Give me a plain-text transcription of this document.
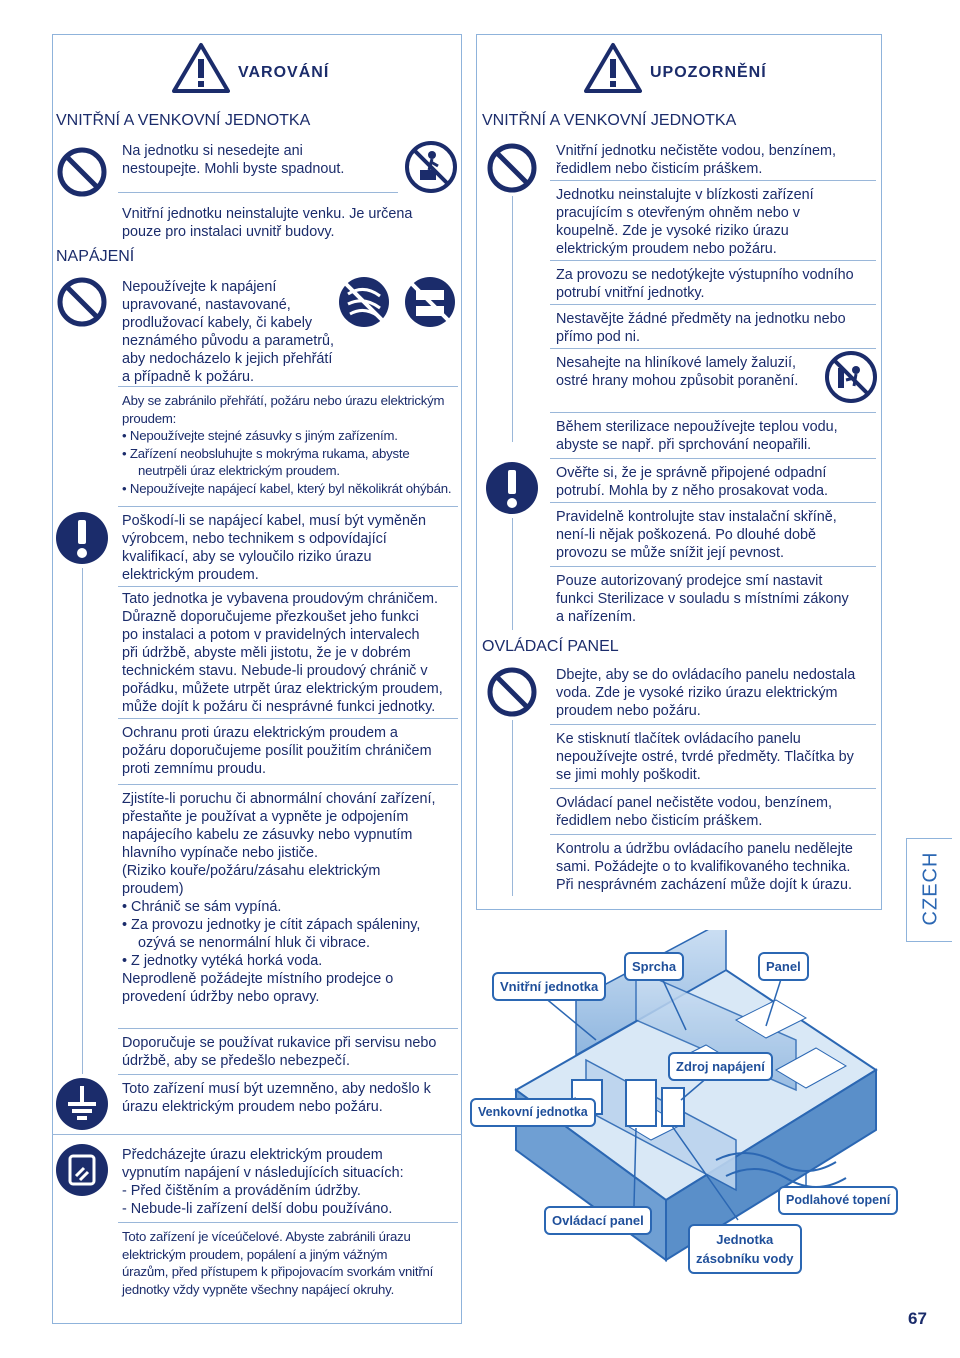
VAROVÁNÍ
VNITŘNÍ A VENKOVNÍ JEDNOTKA
Na jednotku si nesedejte ani
nestoupejte. Mohli byste spadnout.
Vnitřní jednotku neinstalujte venku. Je určena
pouze pro instalaci uvnitř budovy.
NAPÁJENÍ
Nepoužívejte k napájení
upravované, nastavované,
prodlužovací kabely, či kabely
neznámého původu a parametrů,
aby nedocházelo k jejich přehřátí
a případně k požáru.
Aby se zabránilo přehřátí, požáru nebo úrazu elektrickým
proudem:
• Nepoužívejte stejné zásuvky s jiným zařízením.
• Zařízení neobsluhujte s mokrýma rukama, abyste
neutrpěli úraz elektrickým proudem.
• Nepoužívejte napájecí kabel, který byl několikrát ohýbán.
Poškodí-li se napájecí kabel, musí být vyměněn
výrobcem, nebo technikem s odpovídající
kvalifikací, aby se vyloučilo riziko úrazu
elektrickým proudem.
Tato jednotka je vybavena proudovým chráničem.
Důrazně doporučujeme přezkoušet jeho funkci
po instalaci a potom v pravidelných intervalech
při údržbě, abyste měli jistotu, že je v dobrém
technickém stavu. Nebude-li proudový chránič v
pořádku, můžete utrpět úraz elektrickým proudem,
může dojít k požáru či nesprávné funkci jednotky.
Ochranu proti úrazu elektrickým proudem a
požáru doporučujeme posílit použitím chráničem
proti zemnímu proudu.
Zjistíte-li poruchu či abnormální chování zařízení,
přestaňte je používat a vypněte je odpojením
napájecího kabelu ze zásuvky nebo vypnutím
hlavního vypínače nebo jističe.
(Riziko kouře/požáru/zásahu elektrickým
proudem)
• Chránič se sám vypíná.
• Za provozu jednotky je cítit zápach spáleniny,
ozývá se nenormální hluk či vibrace.
• Z jednotky vytéká horká voda.
Neprodleně požádejte místního prodejce o
provedení údržby nebo opravy.
Doporučuje se používat rukavice při servisu nebo
údržbě, aby se předešlo nebezpečí.
Toto zařízení musí být uzemněno, aby nedošlo k
úrazu elektrickým proudem nebo požáru.
Předcházejte úrazu elektrickým proudem
vypnutím napájení v následujících situacích:
- Před čištěním a prováděním údržby.
- Nebude-li zařízení delší dobu používáno.
Toto zařízení je víceúčelové. Abyste zabránili úrazu
elektrickým proudem, popálení a jiným vážným
úrazům, před přístupem k připojovacím svorkám vnitřní
jednotky vždy vypněte všechny napájecí okruhy.
UPOZORNĚNÍ
VNITŘNÍ A VENKOVNÍ JEDNOTKA
Vnitřní jednotku nečistěte vodou, benzínem,
ředidlem nebo čisticím práškem.
Jednotku neinstalujte v blízkosti zařízení
pracujícím s otevřeným ohněm nebo v
koupelně. Zde je vysoké riziko úrazu
elektrickým proudem nebo požáru.
Za provozu se nedotýkejte výstupního vodního
potrubí vnitřní jednotky.
Nestavějte žádné předměty na jednotku nebo
přímo pod ni.
Nesahejte na hliníkové lamely žaluzií,
ostré hrany mohou způsobit poranění.
Během sterilizace nepoužívejte teplou vodu,
abyste se např. při sprchování neopařili.
Ověřte si, že je správně připojené odpadní
potrubí. Mohla by z něho prosakovat voda.
Pravidelně kontrolujte stav instalační skříně,
není-li nějak poškozená. Po dlouhé době
provozu se může snížit její pevnost.
Pouze autorizovaný prodejce smí nastavit
funkci Sterilizace v souladu s místními zákony
a nařízením.
OVLÁDACÍ PANEL
Dbejte, aby se do ovládacího panelu nedostala
voda. Zde je vysoké riziko úrazu elektrickým
proudem nebo požáru.
Ke stisknutí tlačítek ovládacího panelu
nepoužívejte ostré, tvrdé předměty. Tlačítka by
se jimi mohly poškodit.
Ovládací panel nečistěte vodou, benzínem,
ředidlem nebo čisticím práškem.
Kontrolu a údržbu ovládacího panelu nedělejte
sami. Požádejte o to kvalifikovaného technika.
Při nesprávném zacházení může dojít k úrazu.	CZECH
Vnitřní jednotka
Sprcha	Panel
Zdroj napájení
Venkovní jednotka
Podlahové topení
Ovládací panel
Jednotka
zásobníku vody
67
